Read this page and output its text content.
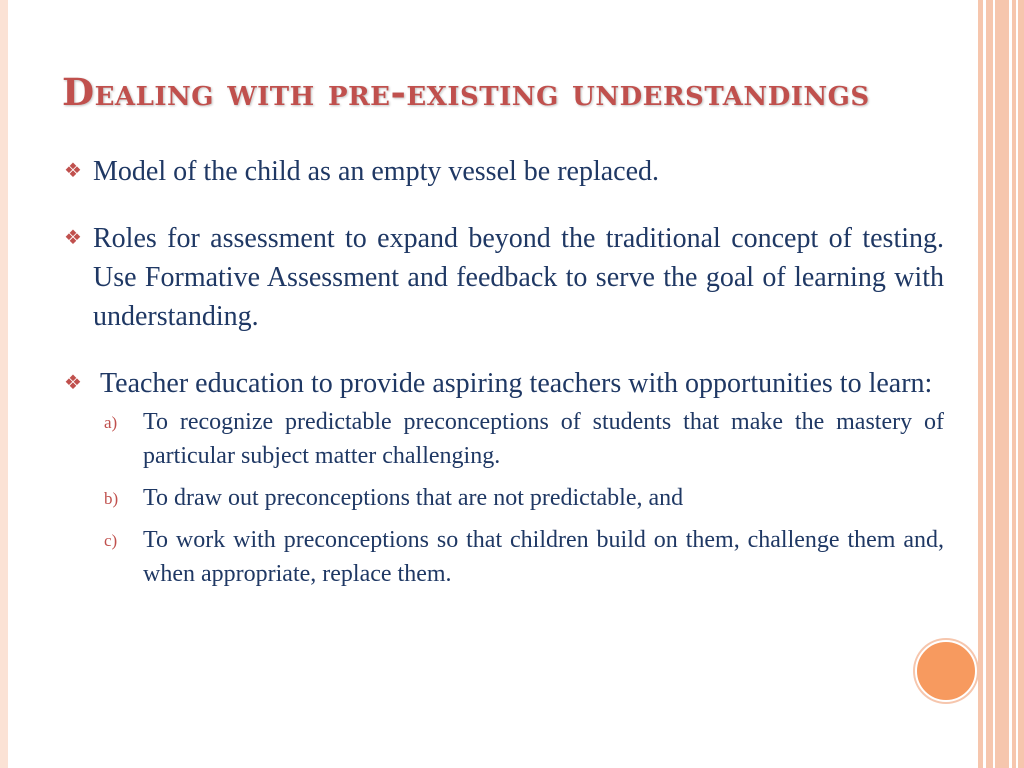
Dealing with pre-existing understandings

❖ Model of the child as an empty vessel be replaced.

❖ Roles for assessment to expand beyond the traditional concept of testing. Use Formative Assessment and feedback to serve the goal of learning with understanding.

❖ Teacher education to provide aspiring teachers with opportunities to learn:

a) To recognize predictable preconceptions of students that make the mastery of particular subject matter challenging.

b) To draw out preconceptions that are not predictable, and

c) To work with preconceptions so that children build on them, challenge them and, when appropriate, replace them.
